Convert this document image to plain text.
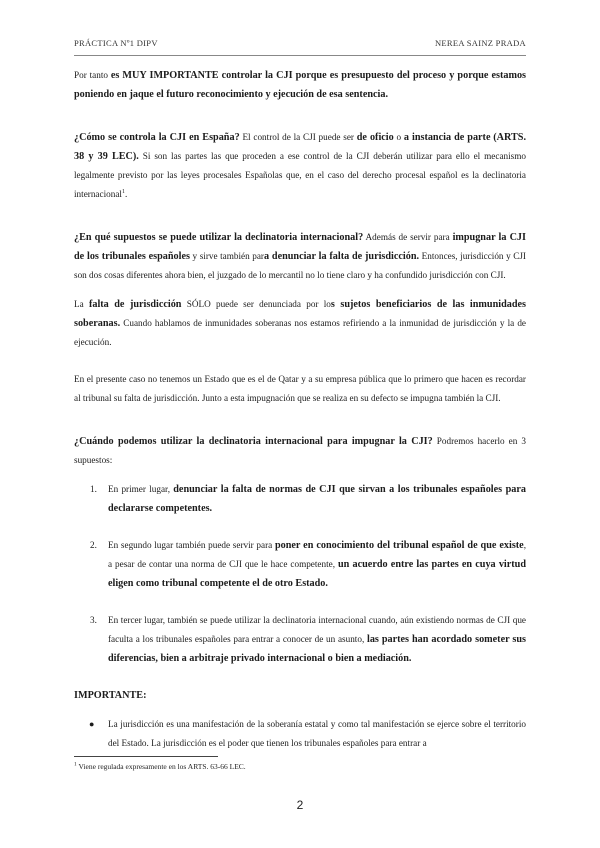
PRÁCTICA Nº1 DIPV	NEREA SAINZ PRADA

Por tanto es MUY IMPORTANTE controlar la CJI porque es presupuesto del proceso y porque estamos poniendo en jaque el futuro reconocimiento y ejecución de esa sentencia.

¿Cómo se controla la CJI en España? El control de la CJI puede ser de oficio o a instancia de parte (ARTS. 38 y 39 LEC). Si son las partes las que proceden a ese control de la CJI deberán utilizar para ello el mecanismo legalmente previsto por las leyes procesales Españolas que, en el caso del derecho procesal español es la declinatoria internacional$^1$.

¿En qué supuestos se puede utilizar la declinatoria internacional? Además de servir para impugnar la CJI de los tribunales españoles y sirve también para denunciar la falta de jurisdicción. Entonces, jurisdicción y CJI son dos cosas diferentes ahora bien, el juzgado de lo mercantil no lo tiene claro y ha confundido jurisdicción con CJI.

La falta de jurisdicción SÓLO puede ser denunciada por los sujetos beneficiarios de las inmunidades soberanas. Cuando hablamos de inmunidades soberanas nos estamos refiriendo a la inmunidad de jurisdicción y la de ejecución.

En el presente caso no tenemos un Estado que es el de Qatar y a su empresa pública que lo primero que hacen es recordar al tribunal su falta de jurisdicción. Junto a esta impugnación que se realiza en su defecto se impugna también la CJI.

¿Cuándo podemos utilizar la declinatoria internacional para impugnar la CJI? Podremos hacerlo en 3 supuestos:

1. En primer lugar, denunciar la falta de normas de CJI que sirvan a los tribunales españoles para declararse competentes.
2. En segundo lugar también puede servir para poner en conocimiento del tribunal español de que existe, a pesar de contar una norma de CJI que le hace competente, un acuerdo entre las partes en cuya virtud eligen como tribunal competente el de otro Estado.
3. En tercer lugar, también se puede utilizar la declinatoria internacional cuando, aún existiendo normas de CJI que faculta a los tribunales españoles para entrar a conocer de un asunto, las partes han acordado someter sus diferencias, bien a arbitraje privado internacional o bien a mediación.

IMPORTANTE:

● La jurisdicción es una manifestación de la soberanía estatal y como tal manifestación se ejerce sobre el territorio del Estado. La jurisdicción es el poder que tienen los tribunales españoles para entrar a
$^1$ Viene regulada expresamente en los ARTS. 63-66 LEC.
2
